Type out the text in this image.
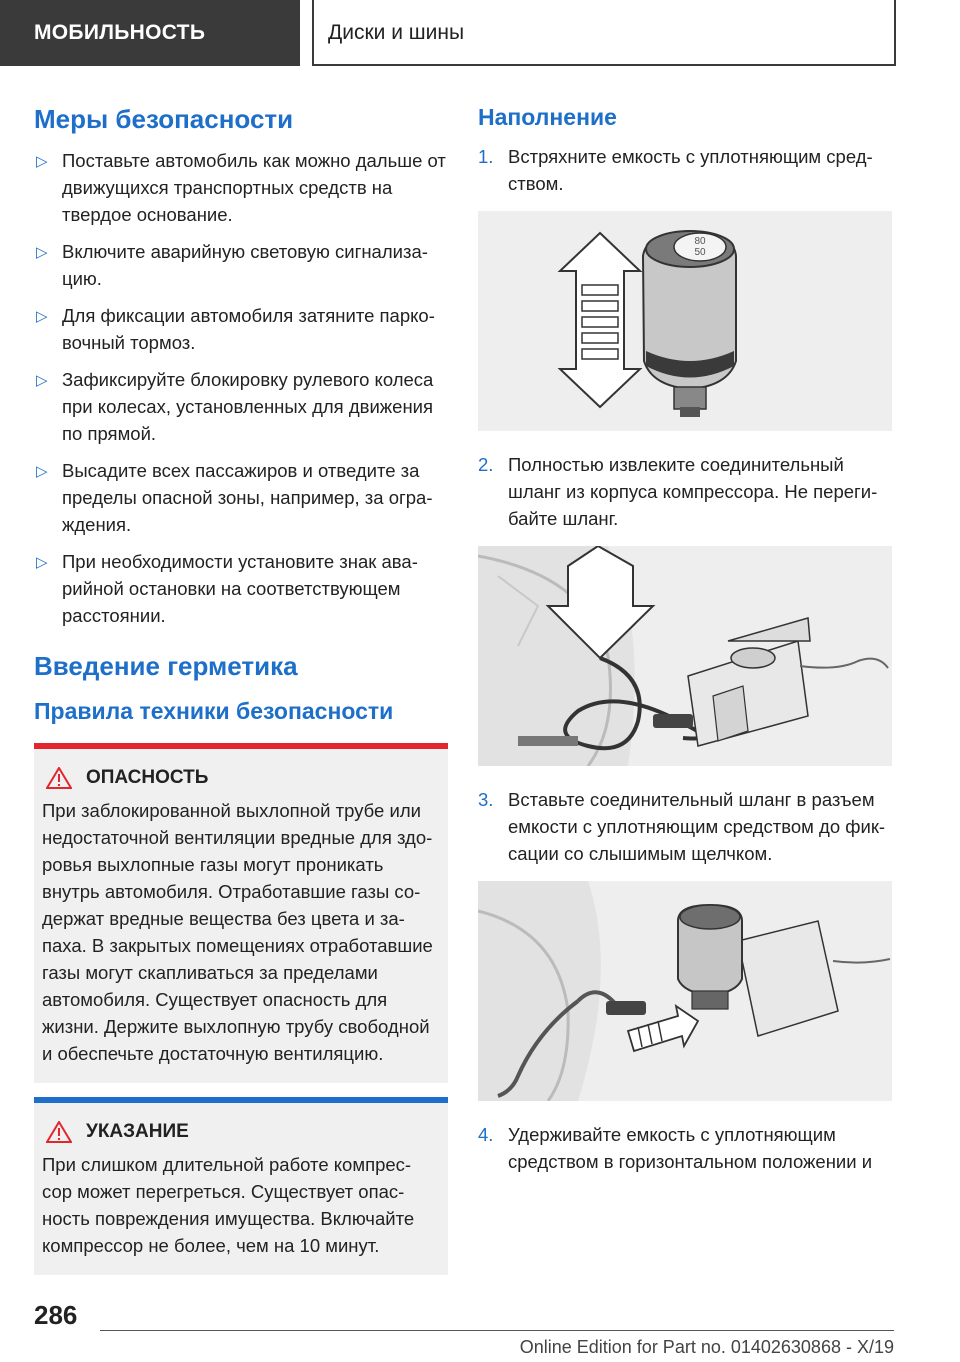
МОБИЛЬНОСТЬ	Диски и шины
Меры безопасности
▷ Поставьте автомобиль как можно дальше от движущихся транспортных средств на твердое основание.
▷ Включите аварийную световую сигнализа-цию.
▷ Для фиксации автомобиля затяните парко-вочный тормоз.
▷ Зафиксируйте блокировку рулевого колеса при колесах, установленных для движения по прямой.
▷ Высадите всех пассажиров и отведите за пределы опасной зоны, например, за огра-ждения.
▷ При необходимости установите знак ава-рийной остановки на соответствующем расстоянии.
Введение герметика
Правила техники безопасности
ОПАСНОСТЬ
При заблокированной выхлопной трубе или недостаточной вентиляции вредные для здо-ровья выхлопные газы могут проникать внутрь автомобиля. Отработавшие газы со-держат вредные вещества без цвета и за-паха. В закрытых помещениях отработавшие газы могут скапливаться за пределами автомобиля. Существует опасность для жизни. Держите выхлопную трубу свободной и обеспечьте достаточную вентиляцию.
УКАЗАНИЕ
При слишком длительной работе компрес-сор может перегреться. Существует опас-ность повреждения имущества. Включайте компрессор не более, чем на 10 минут.
Наполнение
1. Встряхните емкость с уплотняющим сред-ством.
80
50
2. Полностью извлеките соединительный шланг из корпуса компрессора. Не переги-байте шланг.
3. Вставьте соединительный шланг в разъем емкости с уплотняющим средством до фик-сации со слышимым щелчком.
4. Удерживайте емкость с уплотняющим средством в горизонтальном положении и
286
Online Edition for Part no. 01402630868 - X/19
